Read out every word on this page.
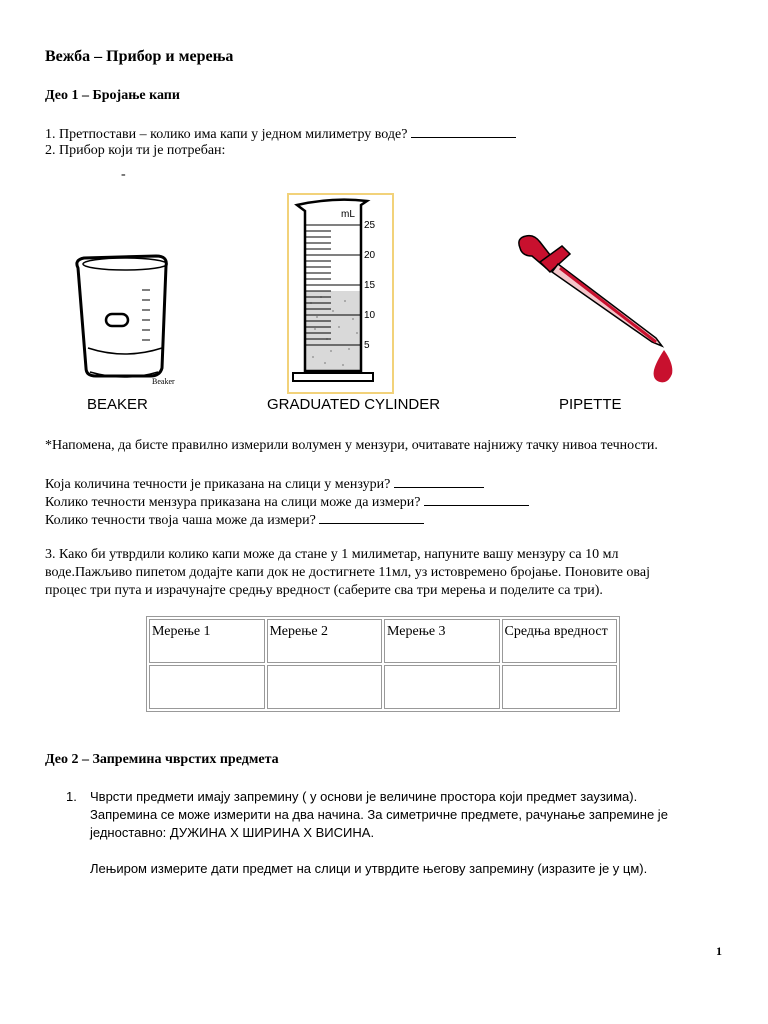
Вежба – Прибор и мерења
Део 1 – Бројање капи
1. Претпостави – колико има капи у једном милиметру воде?
2. Прибор који ти је потребан:
-
Beaker
BEAKER
mL
25
20
15
10
5
GRADUATED CYLINDER	PIPETTE
*Напомена, да бисте правилно измерили волумен у мензури, очитавате најнижу тачку нивоа течности.
Која количина течности је приказана на слици у мензури?
Колико течности мензура приказана на слици може да измери?
Колико течности твоја чаша може да измери?
3. Како би утврдили колико капи може да стане у 1 милиметар, напуните вашу мензуру са 10 мл
воде.Пажљиво пипетом додајте капи док не достигнете 11мл, уз истовремено бројање. Поновите овај
процес три пута и израчунајте средњу вредност (саберите сва три мерења и поделите са три).
Мерење 1	Мерење 2	Мерење 3	Средња вредност

Део 2 – Запремина чврстих предмета
1. Чврсти предмети имају запремину ( у основи је величине простора који предмет заузима).
Запремина се може измерити на два начина. За симетричне предмете, рачунање запремине је
једноставно: ДУЖИНА X ШИРИНА X ВИСИНА.
Лењиром измерите дати предмет на слици и утврдите његову запремину (изразите је у цм).
1
